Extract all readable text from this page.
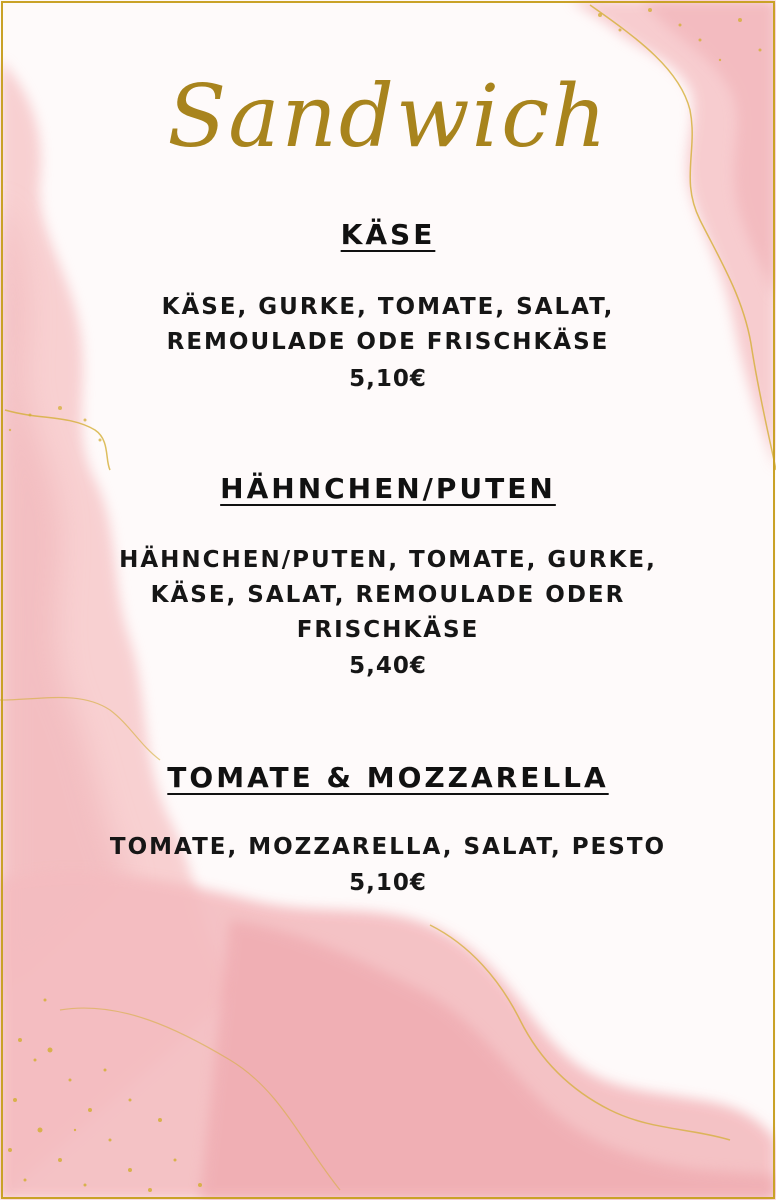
Sandwich
KÄSE
KÄSE, GURKE, TOMATE, SALAT, REMOULADE ODE FRISCHKÄSE
5,10€
HÄHNCHEN/PUTEN
HÄHNCHEN/PUTEN, TOMATE, GURKE, KÄSE, SALAT, REMOULADE ODER FRISCHKÄSE
5,40€
TOMATE & MOZZARELLA
TOMATE, MOZZARELLA, SALAT, PESTO
5,10€
